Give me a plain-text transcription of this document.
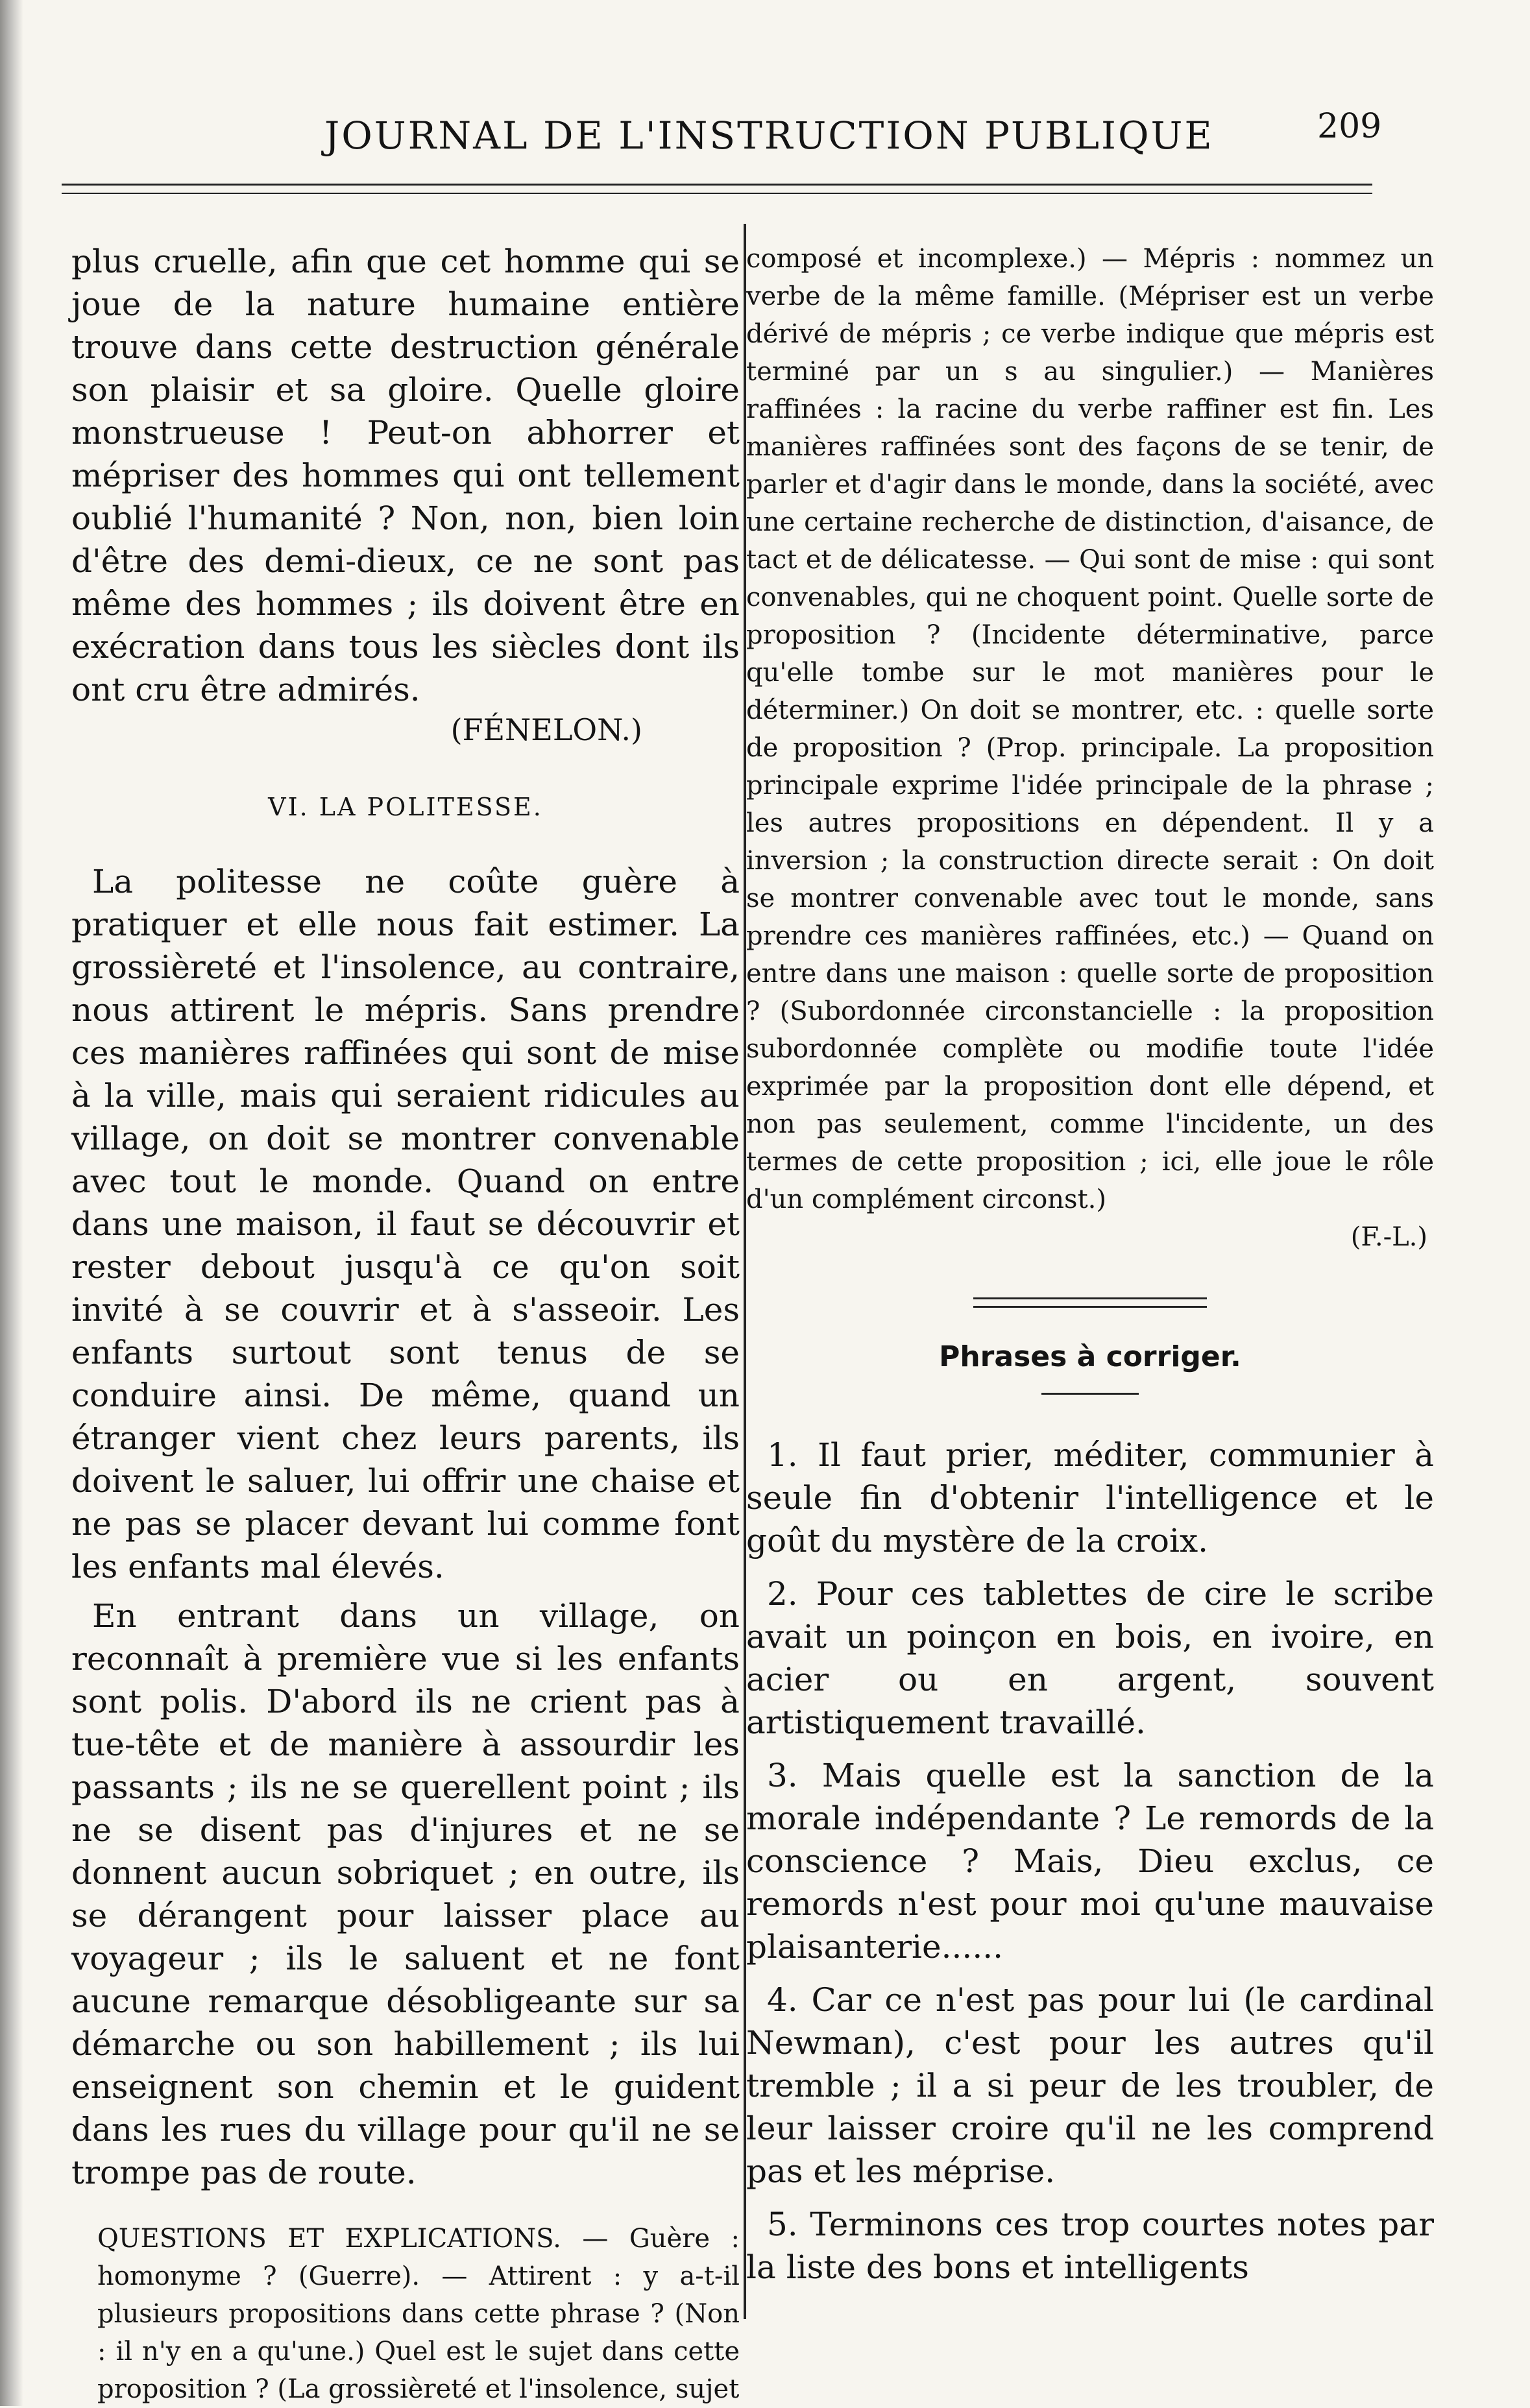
JOURNAL DE L'INSTRUCTION PUBLIQUE	209

plus cruelle, afin que cet homme qui se joue de la nature humaine entière trouve dans cette destruction générale son plaisir et sa gloire. Quelle gloire monstrueuse ! Peut-on abhorrer et mépriser des hommes qui ont tellement oublié l'humanité ? Non, non, bien loin d'être des demi-dieux, ce ne sont pas même des hommes ; ils doivent être en exécration dans tous les siècles dont ils ont cru être admirés.

(FÉNELON.)
VI. LA POLITESSE.

La politesse ne coûte guère à pratiquer et elle nous fait estimer. La grossièreté et l'insolence, au contraire, nous attirent le mépris. Sans prendre ces manières raffinées qui sont de mise à la ville, mais qui seraient ridicules au village, on doit se montrer convenable avec tout le monde. Quand on entre dans une maison, il faut se découvrir et rester debout jusqu'à ce qu'on soit invité à se couvrir et à s'asseoir. Les enfants surtout sont tenus de se conduire ainsi. De même, quand un étranger vient chez leurs parents, ils doivent le saluer, lui offrir une chaise et ne pas se placer devant lui comme font les enfants mal élevés.

En entrant dans un village, on reconnaît à première vue si les enfants sont polis. D'abord ils ne crient pas à tue-tête et de manière à assourdir les passants ; ils ne se querellent point ; ils ne se disent pas d'injures et ne se donnent aucun sobriquet ; en outre, ils se dérangent pour laisser place au voyageur ; ils le saluent et ne font aucune remarque désobligeante sur sa démarche ou son habillement ; ils lui enseignent son chemin et le guident dans les rues du village pour qu'il ne se trompe pas de route.

QUESTIONS ET EXPLICATIONS. — Guère : homonyme ? (Guerre). — Attirent : y a-t-il plusieurs propositions dans cette phrase ? (Non : il n'y en a qu'une.) Quel est le sujet dans cette proposition ? (La grossièreté et l'insolence, sujet

composé et incomplexe.) — Mépris : nommez un verbe de la même famille. (Mépriser est un verbe dérivé de mépris ; ce verbe indique que mépris est terminé par un s au singulier.) — Manières raffinées : la racine du verbe raffiner est fin. Les manières raffinées sont des façons de se tenir, de parler et d'agir dans le monde, dans la société, avec une certaine recherche de distinction, d'aisance, de tact et de délicatesse. — Qui sont de mise : qui sont convenables, qui ne choquent point. Quelle sorte de proposition ? (Incidente déterminative, parce qu'elle tombe sur le mot manières pour le déterminer.) On doit se montrer, etc. : quelle sorte de proposition ? (Prop. principale. La proposition principale exprime l'idée principale de la phrase ; les autres propositions en dépendent. Il y a inversion ; la construction directe serait : On doit se montrer convenable avec tout le monde, sans prendre ces manières raffinées, etc.) — Quand on entre dans une maison : quelle sorte de proposition ? (Subordonnée circonstancielle : la proposition subordonnée complète ou modifie toute l'idée exprimée par la proposition dont elle dépend, et non pas seulement, comme l'incidente, un des termes de cette proposition ; ici, elle joue le rôle d'un complément circonst.)

(F.-L.)
Phrases à corriger.

1. Il faut prier, méditer, communier à seule fin d'obtenir l'intelligence et le goût du mystère de la croix.

2. Pour ces tablettes de cire le scribe avait un poinçon en bois, en ivoire, en acier ou en argent, souvent artistiquement travaillé.

3. Mais quelle est la sanction de la morale indépendante ? Le remords de la conscience ? Mais, Dieu exclus, ce remords n'est pour moi qu'une mauvaise plaisanterie......

4. Car ce n'est pas pour lui (le cardinal Newman), c'est pour les autres qu'il tremble ; il a si peur de les troubler, de leur laisser croire qu'il ne les comprend pas et les méprise.

5. Terminons ces trop courtes notes par la liste des bons et intelligents
